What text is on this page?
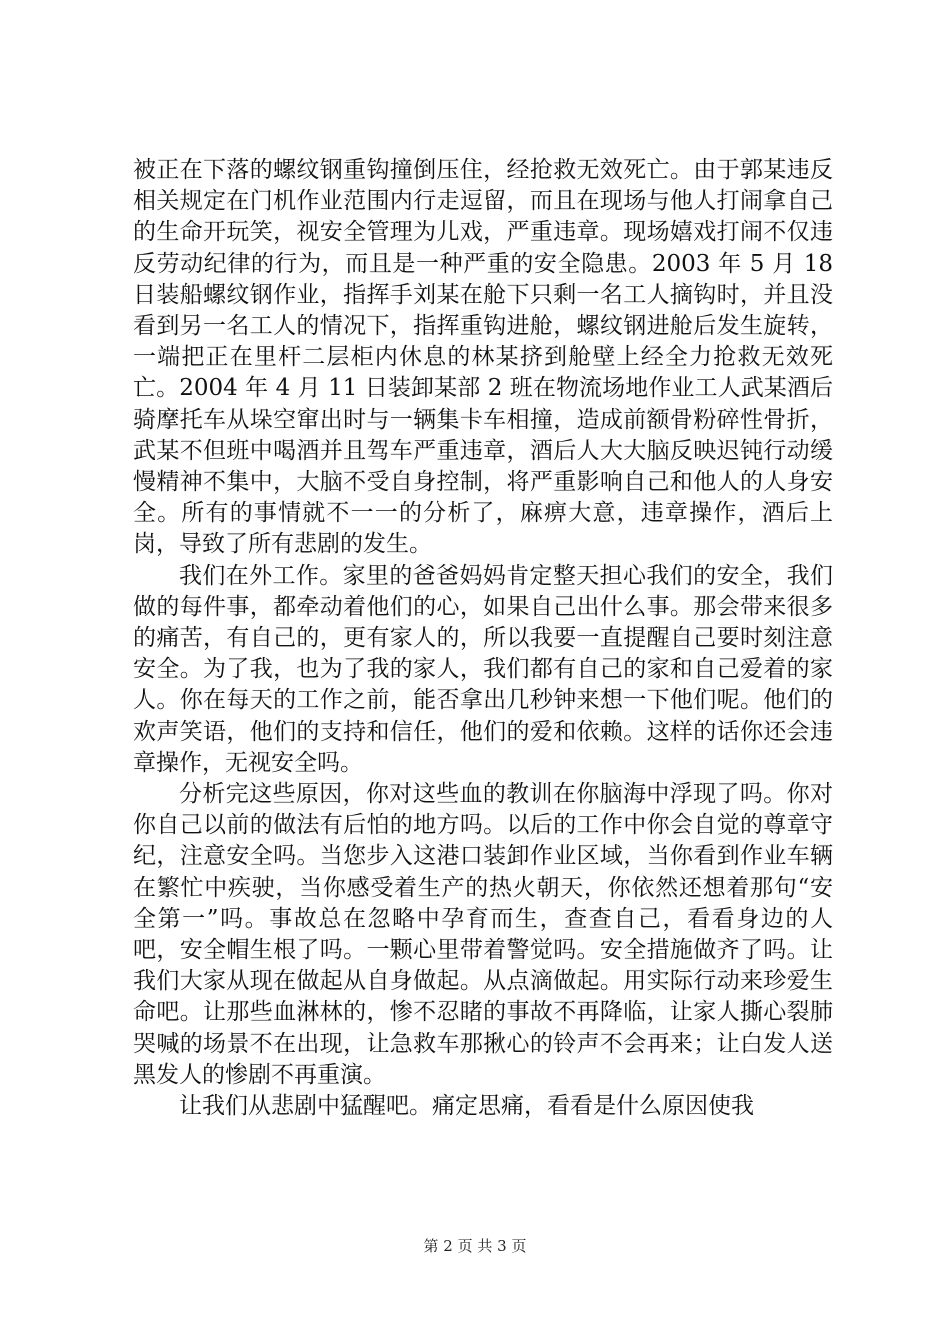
被正在下落的螺纹钢重钩撞倒压住，经抢救无效死亡。由于郭某违反相关规定在门机作业范围内行走逗留，而且在现场与他人打闹拿自己的生命开玩笑，视安全管理为儿戏，严重违章。现场嬉戏打闹不仅违反劳动纪律的行为，而且是一种严重的安全隐患。2003 年 5 月 18 日装船螺纹钢作业，指挥手刘某在舱下只剩一名工人摘钩时，并且没看到另一名工人的情况下，指挥重钩进舱，螺纹钢进舱后发生旋转，一端把正在里杆二层柜内休息的林某挤到舱壁上经全力抢救无效死亡。2004 年 4 月 11 日装卸某部 2 班在物流场地作业工人武某酒后骑摩托车从垛空窜出时与一辆集卡车相撞，造成前额骨粉碎性骨折，武某不但班中喝酒并且驾车严重违章，酒后人大大脑反映迟钝行动缓慢精神不集中，大脑不受自身控制，将严重影响自己和他人的人身安全。所有的事情就不一一的分析了，麻痹大意，违章操作，酒后上岗，导致了所有悲剧的发生。

我们在外工作。家里的爸爸妈妈肯定整天担心我们的安全，我们做的每件事，都牵动着他们的心，如果自己出什么事。那会带来很多的痛苦，有自己的，更有家人的，所以我要一直提醒自己要时刻注意安全。为了我，也为了我的家人，我们都有自己的家和自己爱着的家人。你在每天的工作之前，能否拿出几秒钟来想一下他们呢。他们的欢声笑语，他们的支持和信任，他们的爱和依赖。这样的话你还会违章操作，无视安全吗。

分析完这些原因，你对这些血的教训在你脑海中浮现了吗。你对你自己以前的做法有后怕的地方吗。以后的工作中你会自觉的尊章守纪，注意安全吗。当您步入这港口装卸作业区域，当你看到作业车辆在繁忙中疾驶，当你感受着生产的热火朝天，你依然还想着那句“安全第一”吗。事故总在忽略中孕育而生，查查自己，看看身边的人吧，安全帽生根了吗。一颗心里带着警觉吗。安全措施做齐了吗。让我们大家从现在做起从自身做起。从点滴做起。用实际行动来珍爱生命吧。让那些血淋林的，惨不忍睹的事故不再降临，让家人撕心裂肺哭喊的场景不在出现，让急救车那揪心的铃声不会再来；让白发人送黑发人的惨剧不再重演。

让我们从悲剧中猛醒吧。痛定思痛，看看是什么原因使我

第 2 页 共 3 页
